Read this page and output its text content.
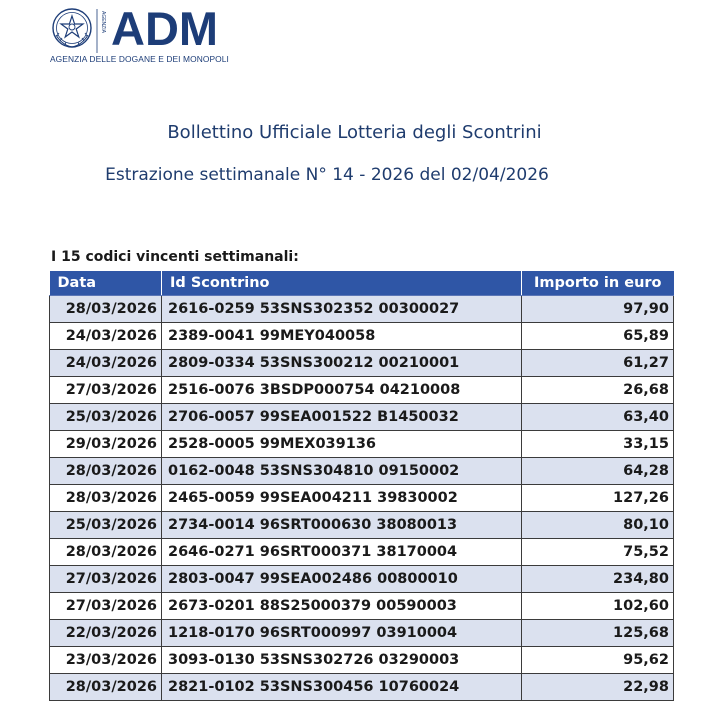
AGENZIA ADM
AGENZIA DELLE DOGANE E DEI MONOPOLI
Bollettino Ufficiale Lotteria degli Scontrini
Estrazione settimanale N° 14 - 2026 del 02/04/2026
I 15 codici vincenti settimanali:
Data	Id Scontrino	Importo in euro
28/03/2026	2616-0259 53SNS302352 00300027	97,90
24/03/2026	2389-0041 99MEY040058	65,89
24/03/2026	2809-0334 53SNS300212 00210001	61,27
27/03/2026	2516-0076 3BSDP000754 04210008	26,68
25/03/2026	2706-0057 99SEA001522 B1450032	63,40
29/03/2026	2528-0005 99MEX039136	33,15
28/03/2026	0162-0048 53SNS304810 09150002	64,28
28/03/2026	2465-0059 99SEA004211 39830002	127,26
25/03/2026	2734-0014 96SRT000630 38080013	80,10
28/03/2026	2646-0271 96SRT000371 38170004	75,52
27/03/2026	2803-0047 99SEA002486 00800010	234,80
27/03/2026	2673-0201 88S25000379 00590003	102,60
22/03/2026	1218-0170 96SRT000997 03910004	125,68
23/03/2026	3093-0130 53SNS302726 03290003	95,62
28/03/2026	2821-0102 53SNS300456 10760024	22,98
